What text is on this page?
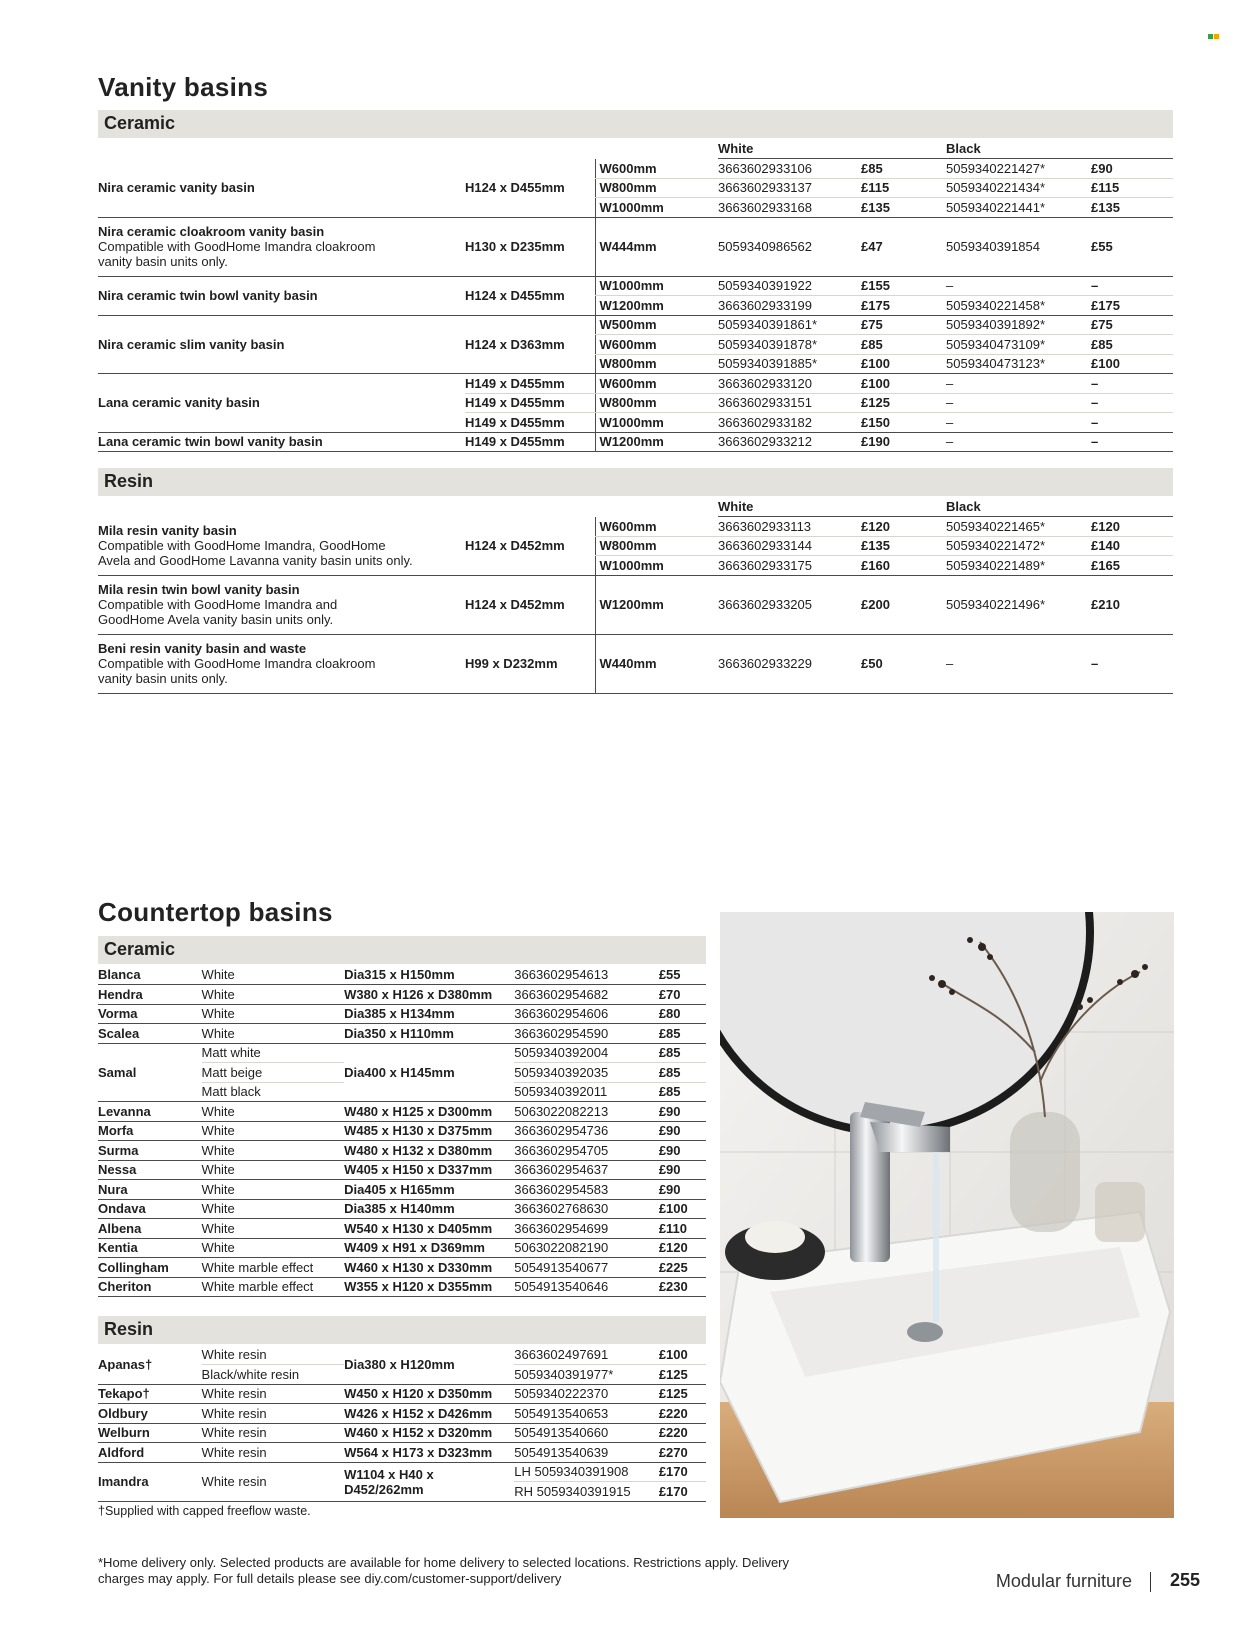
Vanity basins
Ceramic
			White		Black	
Nira ceramic vanity basin	H124 x D455mm	W600mm	3663602933106	£85	5059340221427*	£90
		W800mm	3663602933137	£115	5059340221434*	£115
		W1000mm	3663602933168	£135	5059340221441*	£135
Nira ceramic cloakroom vanity basin
Compatible with GoodHome Imandra cloakroom vanity basin units only.	H130 x D235mm	W444mm	5059340986562	£47	5059340391854	£55
Nira ceramic twin bowl vanity basin	H124 x D455mm	W1000mm	5059340391922	£155	–	–
		W1200mm	3663602933199	£175	5059340221458*	£175
Nira ceramic slim vanity basin	H124 x D363mm	W500mm	5059340391861*	£75	5059340391892*	£75
		W600mm	5059340391878*	£85	5059340473109*	£85
		W800mm	5059340391885*	£100	5059340473123*	£100
Lana ceramic vanity basin	H149 x D455mm	W600mm	3663602933120	£100	–	–
	H149 x D455mm	W800mm	3663602933151	£125	–	–
	H149 x D455mm	W1000mm	3663602933182	£150	–	–
Lana ceramic twin bowl vanity basin	H149 x D455mm	W1200mm	3663602933212	£190	–	–
Resin
			White		Black	
Mila resin vanity basin
Compatible with GoodHome Imandra, GoodHome Avela and GoodHome Lavanna vanity basin units only.	H124 x D452mm	W600mm	3663602933113	£120	5059340221465*	£120
		W800mm	3663602933144	£135	5059340221472*	£140
		W1000mm	3663602933175	£160	5059340221489*	£165
Mila resin twin bowl vanity basin
Compatible with GoodHome Imandra and GoodHome Avela vanity basin units only.	H124 x D452mm	W1200mm	3663602933205	£200	5059340221496*	£210
Beni resin vanity basin and waste
Compatible with GoodHome Imandra cloakroom vanity basin units only.	H99 x D232mm	W440mm	3663602933229	£50	–	–
Countertop basins
Ceramic
Blanca	White	Dia315 x H150mm	3663602954613	£55
Hendra	White	W380 x H126 x D380mm	3663602954682	£70
Vorma	White	Dia385 x H134mm	3663602954606	£80
Scalea	White	Dia350 x H110mm	3663602954590	£85
Samal	Matt white	Dia400 x H145mm	5059340392004	£85
	Matt beige		5059340392035	£85
	Matt black		5059340392011	£85
Levanna	White	W480 x H125 x D300mm	5063022082213	£90
Morfa	White	W485 x H130 x D375mm	3663602954736	£90
Surma	White	W480 x H132 x D380mm	3663602954705	£90
Nessa	White	W405 x H150 x D337mm	3663602954637	£90
Nura	White	Dia405 x H165mm	3663602954583	£90
Ondava	White	Dia385 x H140mm	3663602768630	£100
Albena	White	W540 x H130 x D405mm	3663602954699	£110
Kentia	White	W409 x H91 x D369mm	5063022082190	£120
Collingham	White marble effect	W460 x H130 x D330mm	5054913540677	£225
Cheriton	White marble effect	W355 x H120 x D355mm	5054913540646	£230
Resin
Apanas†	White resin	Dia380 x H120mm	3663602497691	£100
	Black/white resin		5059340391977*	£125
Tekapo†	White resin	W450 x H120 x D350mm	5059340222370	£125
Oldbury	White resin	W426 x H152 x D426mm	5054913540653	£220
Welburn	White resin	W460 x H152 x D320mm	5054913540660	£220
Aldford	White resin	W564 x H173 x D323mm	5054913540639	£270
Imandra	White resin	W1104 x H40 x D452/262mm	LH 5059340391908	£170
			RH 5059340391915	£170
†Supplied with capped freeflow waste.
*Home delivery only. Selected products are available for home delivery to selected locations. Restrictions apply. Delivery charges may apply. For full details please see diy.com/customer-support/delivery	Modular furniture 255
